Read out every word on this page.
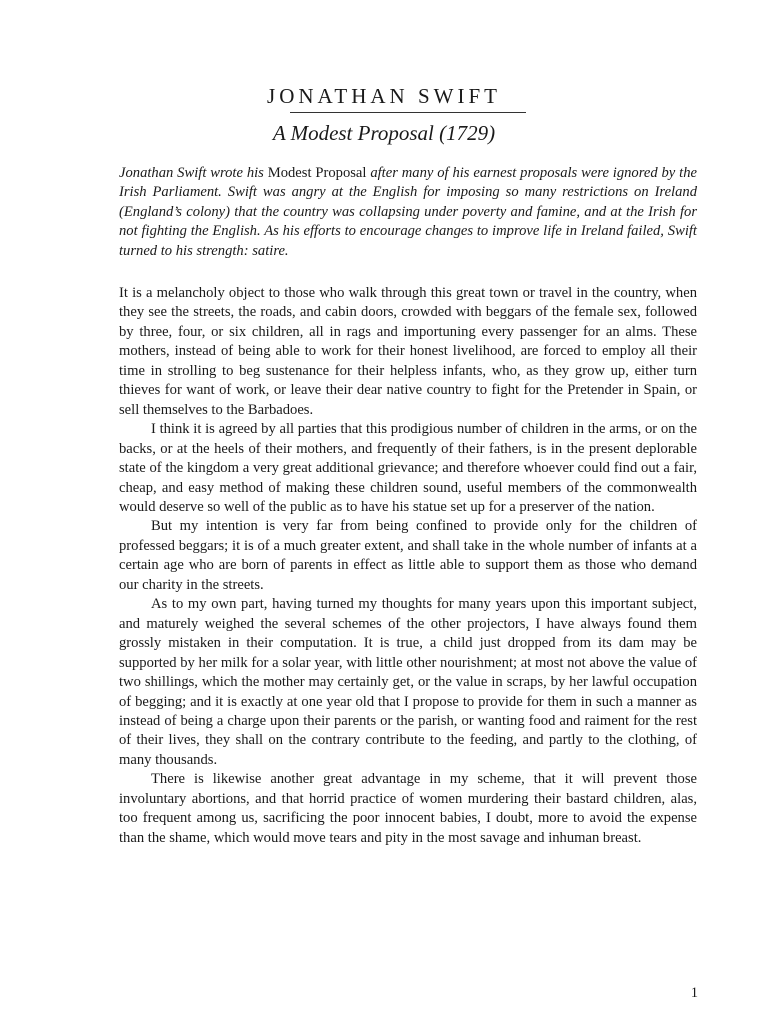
JONATHAN SWIFT
A Modest Proposal (1729)

Jonathan Swift wrote his Modest Proposal after many of his earnest proposals were ignored by the Irish Parliament. Swift was angry at the English for imposing so many restrictions on Ireland (England’s colony) that the country was collapsing under poverty and famine, and at the Irish for not fighting the English. As his efforts to encourage changes to improve life in Ireland failed, Swift turned to his strength: satire.

It is a melancholy object to those who walk through this great town or travel in the country, when they see the streets, the roads, and cabin doors, crowded with beggars of the female sex, followed by three, four, or six children, all in rags and importuning every passenger for an alms. These mothers, instead of being able to work for their honest livelihood, are forced to employ all their time in strolling to beg sustenance for their helpless infants, who, as they grow up, either turn thieves for want of work, or leave their dear native country to fight for the Pretender in Spain, or sell themselves to the Barbadoes.

I think it is agreed by all parties that this prodigious number of children in the arms, or on the backs, or at the heels of their mothers, and frequently of their fathers, is in the present deplorable state of the kingdom a very great additional grievance; and therefore whoever could find out a fair, cheap, and easy method of making these children sound, useful members of the commonwealth would deserve so well of the public as to have his statue set up for a preserver of the nation.

But my intention is very far from being confined to provide only for the children of professed beggars; it is of a much greater extent, and shall take in the whole number of infants at a certain age who are born of parents in effect as little able to support them as those who demand our charity in the streets.

As to my own part, having turned my thoughts for many years upon this important subject, and maturely weighed the several schemes of the other projectors, I have always found them grossly mistaken in their computation. It is true, a child just dropped from its dam may be supported by her milk for a solar year, with little other nourishment; at most not above the value of two shillings, which the mother may certainly get, or the value in scraps, by her lawful occupation of begging; and it is exactly at one year old that I propose to provide for them in such a manner as instead of being a charge upon their parents or the parish, or wanting food and raiment for the rest of their lives, they shall on the contrary contribute to the feeding, and partly to the clothing, of many thousands.

There is likewise another great advantage in my scheme, that it will prevent those involuntary abortions, and that horrid practice of women murdering their bastard children, alas, too frequent among us, sacrificing the poor innocent babies, I doubt, more to avoid the expense than the shame, which would move tears and pity in the most savage and inhuman breast.

1
